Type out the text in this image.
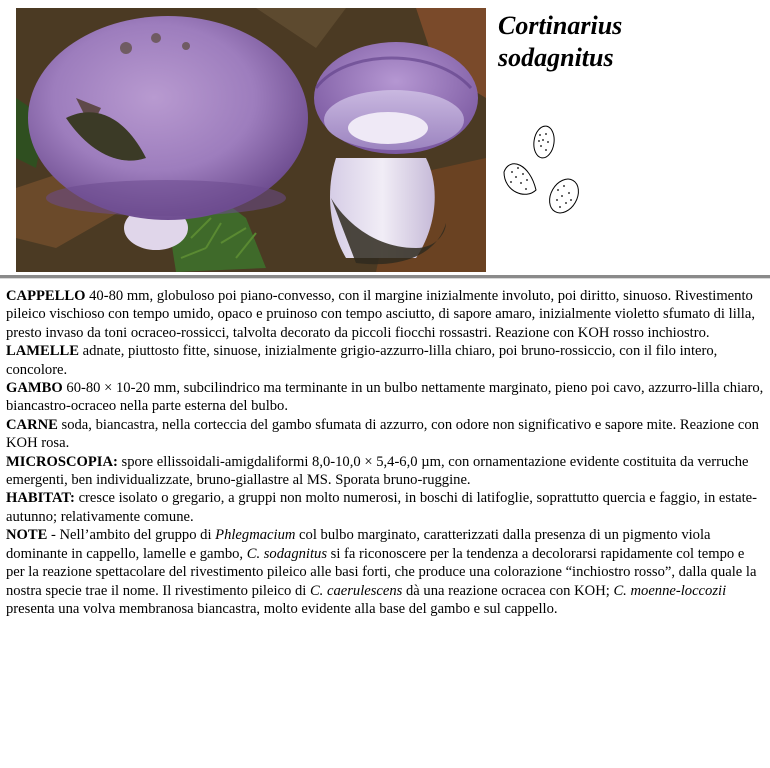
Cortinarius
sodagnitus

CAPPELLO 40-80 mm, globuloso poi piano-convesso, con il margine inizialmente involuto, poi diritto, sinuoso. Rivestimento pileico vischioso con tempo umido, opaco e pruinoso con tempo asciutto, di sapore amaro, inizialmente violetto sfumato di lilla, presto invaso da toni ocraceo-rossicci, talvolta decorato da piccoli fiocchi rossastri. Reazione con KOH rosso inchiostro.

LAMELLE adnate, piuttosto fitte, sinuose, inizialmente grigio-azzurro-lilla chiaro, poi bruno-rossiccio, con il filo intero, concolore.

GAMBO 60-80 × 10-20 mm, subcilindrico ma terminante in un bulbo nettamente marginato, pieno poi cavo, azzurro-lilla chiaro, biancastro-ocraceo nella parte esterna del bulbo.

CARNE soda, biancastra, nella corteccia del gambo sfumata di azzurro, con odore non significativo e sapore mite. Reazione con KOH rosa.

MICROSCOPIA: spore ellissoidali-amigdaliformi 8,0-10,0 × 5,4-6,0 µm, con ornamentazione evidente costituita da verruche emergenti, ben individualizzate, bruno-giallastre al MS. Sporata bruno-ruggine.

HABITAT: cresce isolato o gregario, a gruppi non molto numerosi, in boschi di latifoglie, soprattutto quercia e faggio, in estate-autunno; relativamente comune.

NOTE - Nell’ambito del gruppo di Phlegmacium col bulbo marginato, caratterizzati dalla presenza di un pigmento viola dominante in cappello, lamelle e gambo, C. sodagnitus si fa riconoscere per la tendenza a decolorarsi rapidamente col tempo e per la reazione spettacolare del rivestimento pileico alle basi forti, che produce una colorazione “inchiostro rosso”, dalla quale la nostra specie trae il nome. Il rivestimento pileico di C. caerulescens dà una reazione ocracea con KOH; C. moenne-loccozii presenta una volva membranosa biancastra, molto evidente alla base del gambo e sul cappello.
